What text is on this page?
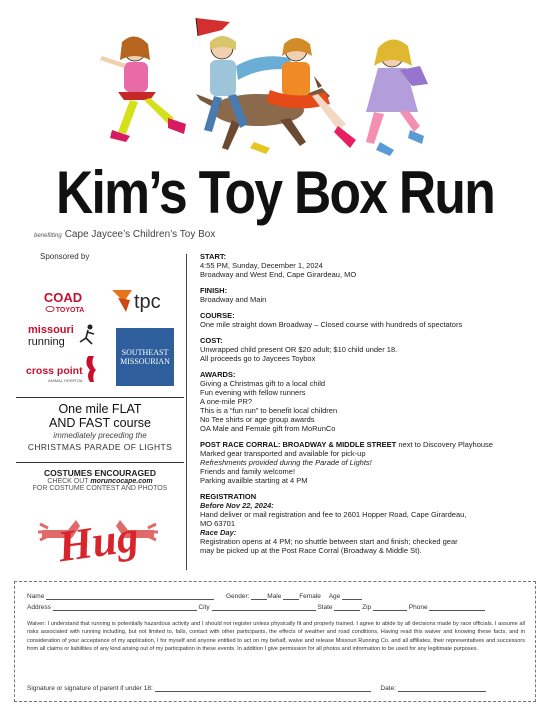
Kim’s Toy Box Run
benefitting Cape Jaycee’s Children’s Toy Box
Sponsored by
COAD
TOYOTA tpc
missouri
running
cross point
ANIMAL HOSPITAL
SOUTHEAST
MISSOURIAN
One mile FLAT
AND FAST course
immediately preceding the
CHRISTMAS PARADE OF LIGHTS
COSTUMES ENCOURAGED
CHECK OUT moruncocape.com
FOR COSTUME CONTEST AND PHOTOS
Hug
START:
4:55 PM, Sunday, December 1, 2024
Broadway and West End, Cape Girardeau, MO
FINISH:
Broadway and Main
COURSE:
One mile straight down Broadway – Closed course with hundreds of spectators
COST:
Unwrapped child present OR $20 adult; $10 child under 18.
All proceeds go to Jaycees Toybox
AWARDS:
Giving a Christmas gift to a local child
Fun evening with fellow runners
A one-mile PR?
This is a “fun run” to benefit local children
No Tee shirts or age group awards
OA Male and Female gift from MoRunCo
POST RACE CORRAL: BROADWAY & MIDDLE STREET next to Discovery Playhouse
Marked gear transported and available for pick-up
Refreshments provided during the Parade of Lights!
Friends and family welcome!
Parking availble starting at 4 PM
REGISTRATION
Before Nov 22, 2024:
Hand deliver or mail registration and fee to 2601 Hopper Road, Cape Girardeau,
MO 63701
Race Day:
Registration opens at 4 PM; no shuttle between start and finish; checked gear
may be picked up at the Post Race Corral (Broadway & Middle St).
Name	Gender:	Male	Female Age
Address	City	State	Zip	Phone
Waiver: I understand that running is potentially hazardous activity and I should not register unless physically fit and properly trained. I agree to abide by all decisions made by race officials. I assume all risks associated with running including, but not limited to, falls, contact with other participants, the effects of weather and road conditions. Having read this waiver and knowing these facts, and in consideration of your acceptance of my application, I for myself and anyone entitled to act on my behalf, waive and release Missouri Running Co. and all affiliates, their representatives and successors from all claims or liabilities of any kind arising out of my participation in these events. In addition I give permission for all photos and information to be used for any legitimate purposes.
Signature or signature of parent if under 18:	Date:
